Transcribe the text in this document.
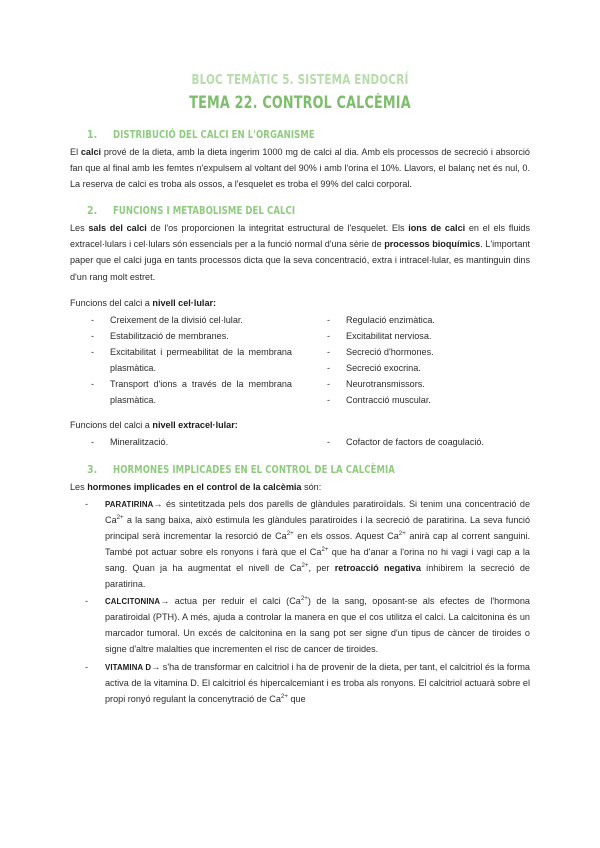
BLOC TEMÀTIC 5. SISTEMA ENDOCRÍ
TEMA 22. CONTROL CALCÈMIA
1.	DISTRIBUCIÓ DEL CALCI EN L'ORGANISME

El calci prové de la dieta, amb la dieta ingerim 1000 mg de calci al dia. Amb els processos de secreció i absorció fan que al final amb les femtes n'expulsem al voltant del 90% i amb l'orina el 10%. Llavors, el balanç net és nul, 0. La reserva de calci es troba als ossos, a l'esquelet es troba el 99% del calci corporal.

2.	FUNCIONS I METABOLISME DEL CALCI

Les sals del calci de l'os proporcionen la integritat estructural de l'esquelet. Els ions de calci en el els fluids extracel·lulars i cel·lulars són essencials per a la funció normal d'una sèrie de processos bioquímics. L'important paper que el calci juga en tants processos dicta que la seva concentració, extra i intracel·lular, es mantinguin dins d'un rang molt estret.

Funcions del calci a nivell cel·lular:
- Creixement de la divisió cel·lular.
- Estabilització de membranes.
- Excitabilitat i permeabilitat de la membrana plasmàtica.
- Transport d'ions a través de la membrana plasmàtica.
- Regulació enzimàtica.
- Excitabilitat nerviosa.
- Secreció d'hormones.
- Secreció exocrina.
- Neurotransmissors.
- Contracció muscular.
Funcions del calci a nivell extracel·lular:
- Mineralització.	- Cofactor de factors de coagulació.
3.	HORMONES IMPLICADES EN EL CONTROL DE LA CALCÈMIA

Les hormones implicades en el control de la calcèmia són:

- PARATIRINA→ és sintetitzada pels dos parells de glàndules paratiroïdals. Si tenim una concentració de $Ca^{2+}$ a la sang baixa, això estimula les glàndules paratiroides i la secreció de paratirina. La seva funció principal serà incrementar la resorció de $Ca^{2+}$ en els ossos. Aquest $Ca^{2+}$ anirà cap al corrent sanguini. També pot actuar sobre els ronyons i farà que el $Ca^{2+}$ que ha d'anar a l'orina no hi vagi i vagi cap a la sang. Quan ja ha augmentat el nivell de $Ca^{2+}$, per retroacció negativa inhibirem la secreció de paratirina.
- CALCITONINA→ actua per reduir el calci $(Ca^{2+})$ de la sang, oposant-se als efectes de l'hormona paratiroidal (PTH). A més, ajuda a controlar la manera en que el cos utilitza el calci. La calcitonina és un marcador tumoral. Un excés de calcitonina en la sang pot ser signe d'un tipus de càncer de tiroides o signe d'altre malalties que incrementen el risc de cancer de tiroides.
- VITAMINA D→ s'ha de transformar en calcitriol i ha de provenir de la dieta, per tant, el calcitriol és la forma activa de la vitamina D. El calcitriol és hipercalcemiant i es troba als ronyons. El calcitriol actuarà sobre el propi ronyó regulant la concenytració de $Ca^{2+}$ que
